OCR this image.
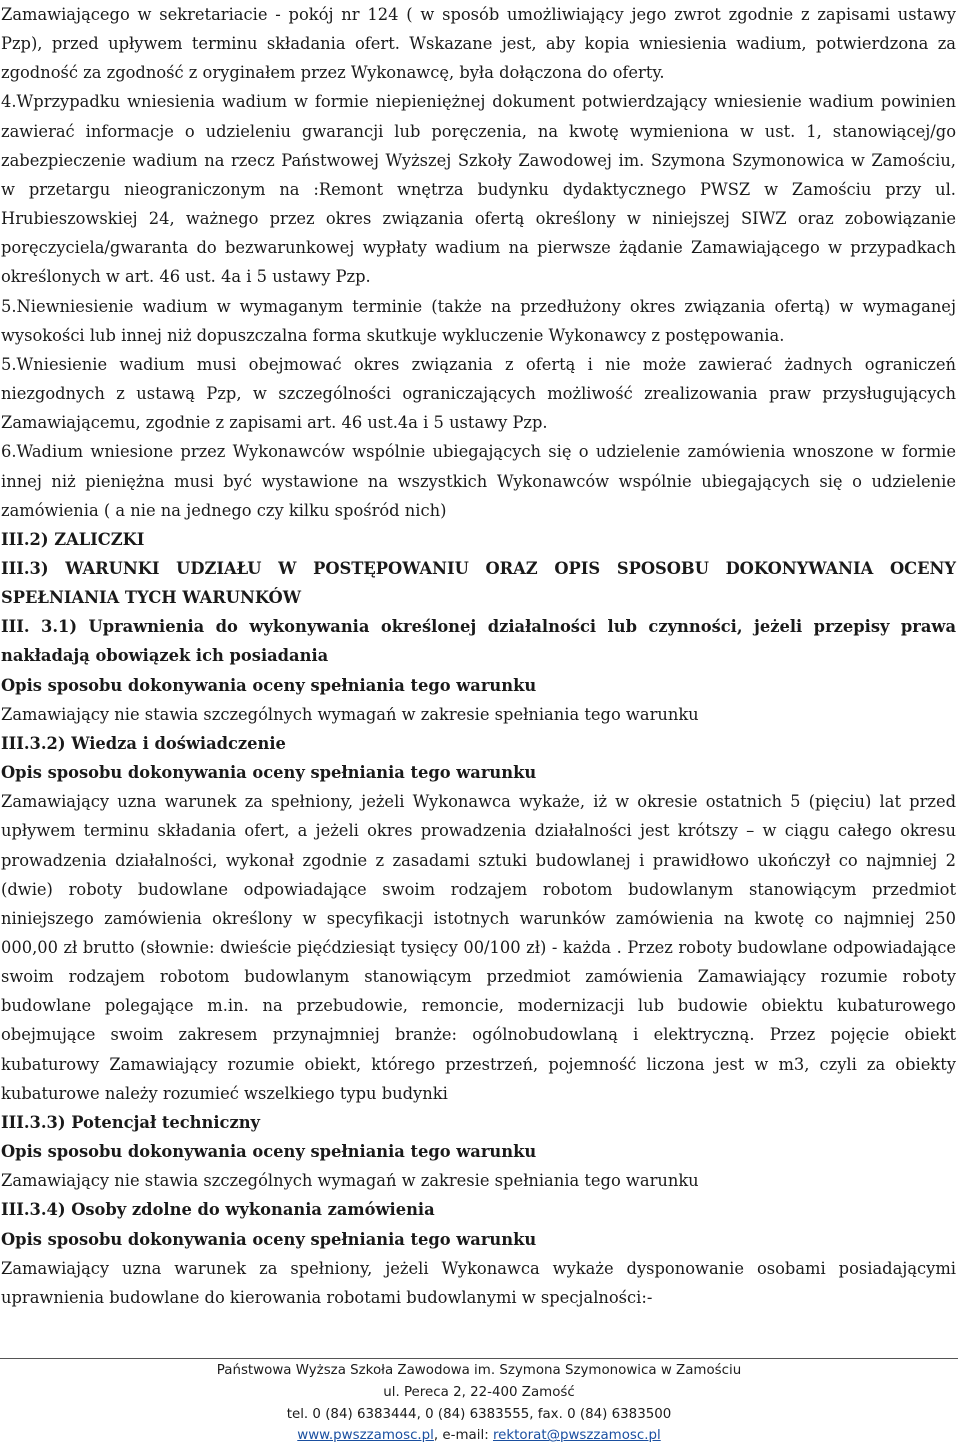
Zamawiającego w sekretariacie - pokój nr 124 ( w sposób umożliwiający jego zwrot zgodnie z zapisami ustawy Pzp), przed upływem terminu składania ofert. Wskazane jest, aby kopia wniesienia wadium, potwierdzona za zgodność za zgodność z oryginałem przez Wykonawcę, była dołączona do oferty.

4.Wprzypadku wniesienia wadium w formie niepieniężnej dokument potwierdzający wniesienie wadium powinien zawierać informacje o udzieleniu gwarancji lub poręczenia, na kwotę wymieniona w ust. 1, stanowiącej/go zabezpieczenie wadium na rzecz Państwowej Wyższej Szkoły Zawodowej im. Szymona Szymonowica w Zamościu, w przetargu nieograniczonym na :Remont wnętrza budynku dydaktycznego PWSZ w Zamościu przy ul. Hrubieszowskiej 24, ważnego przez okres związania ofertą określony w niniejszej SIWZ oraz zobowiązanie poręczyciela/gwaranta do bezwarunkowej wypłaty wadium na pierwsze żądanie Zamawiającego w przypadkach określonych w art. 46 ust. 4a i 5 ustawy Pzp.

5.Niewniesienie wadium w wymaganym terminie (także na przedłużony okres związania ofertą) w wymaganej wysokości lub innej niż dopuszczalna forma skutkuje wykluczenie Wykonawcy z postępowania.

5.Wniesienie wadium musi obejmować okres związania z ofertą i nie może zawierać żadnych ograniczeń niezgodnych z ustawą Pzp, w szczególności ograniczających możliwość zrealizowania praw przysługujących Zamawiającemu, zgodnie z zapisami art. 46 ust.4a i 5 ustawy Pzp.

6.Wadium wniesione przez Wykonawców wspólnie ubiegających się o udzielenie zamówienia wnoszone w formie innej niż pieniężna musi być wystawione na wszystkich Wykonawców wspólnie ubiegających się o udzielenie zamówienia ( a nie na jednego czy kilku spośród nich)

III.2) ZALICZKI

III.3) WARUNKI UDZIAŁU W POSTĘPOWANIU ORAZ OPIS SPOSOBU DOKONYWANIA OCENY SPEŁNIANIA TYCH WARUNKÓW

III. 3.1) Uprawnienia do wykonywania określonej działalności lub czynności, jeżeli przepisy prawa nakładają obowiązek ich posiadania

Opis sposobu dokonywania oceny spełniania tego warunku

Zamawiający nie stawia szczególnych wymagań w zakresie spełniania tego warunku

III.3.2) Wiedza i doświadczenie

Opis sposobu dokonywania oceny spełniania tego warunku

Zamawiający uzna warunek za spełniony, jeżeli Wykonawca wykaże, iż w okresie ostatnich 5 (pięciu) lat przed upływem terminu składania ofert, a jeżeli okres prowadzenia działalności jest krótszy – w ciągu całego okresu prowadzenia działalności, wykonał zgodnie z zasadami sztuki budowlanej i prawidłowo ukończył co najmniej 2 (dwie) roboty budowlane odpowiadające swoim rodzajem robotom budowlanym stanowiącym przedmiot niniejszego zamówienia określony w specyfikacji istotnych warunków zamówienia na kwotę co najmniej 250 000,00 zł brutto (słownie: dwieście pięćdziesiąt tysięcy 00/100 zł) - każda . Przez roboty budowlane odpowiadające swoim rodzajem robotom budowlanym stanowiącym przedmiot zamówienia Zamawiający rozumie roboty budowlane polegające m.in. na przebudowie, remoncie, modernizacji lub budowie obiektu kubaturowego obejmujące swoim zakresem przynajmniej branże: ogólnobudowlaną i elektryczną. Przez pojęcie obiekt kubaturowy Zamawiający rozumie obiekt, którego przestrzeń, pojemność liczona jest w m3, czyli za obiekty kubaturowe należy rozumieć wszelkiego typu budynki

III.3.3) Potencjał techniczny

Opis sposobu dokonywania oceny spełniania tego warunku

Zamawiający nie stawia szczególnych wymagań w zakresie spełniania tego warunku

III.3.4) Osoby zdolne do wykonania zamówienia

Opis sposobu dokonywania oceny spełniania tego warunku

Zamawiający uzna warunek za spełniony, jeżeli Wykonawca wykaże dysponowanie osobami posiadającymi uprawnienia budowlane do kierowania robotami budowlanymi w specjalności:-

Państwowa Wyższa Szkoła Zawodowa im. Szymona Szymonowica w Zamościu
ul. Pereca 2, 22-400 Zamość
tel. 0 (84) 6383444, 0 (84) 6383555, fax. 0 (84) 6383500
www.pwszzamosc.pl, e-mail: rektorat@pwszzamosc.pl
